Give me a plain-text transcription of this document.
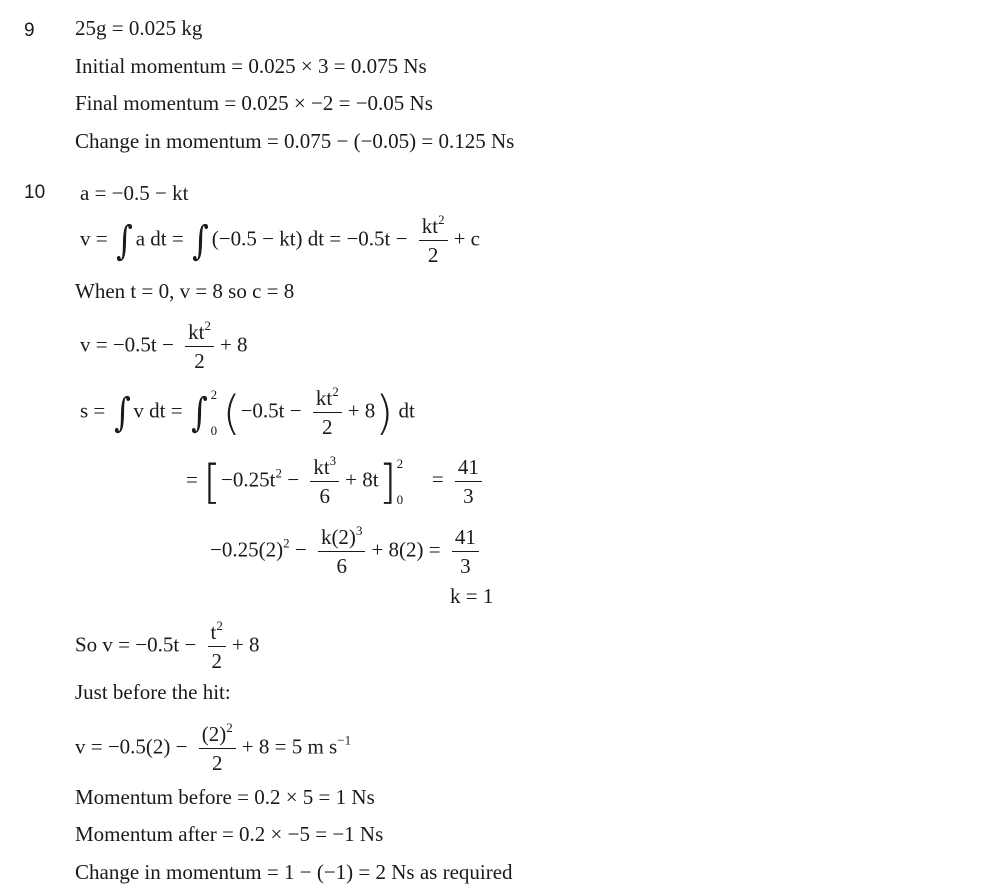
9 25g = 0.025 kg
Initial momentum = 0.025 × 3 = 0.075 Ns
Final momentum = 0.025 × −2 = −0.05 Ns
Change in momentum = 0.075 − (−0.05) = 0.125 Ns
10 a = −0.5 − kt
v = ∫ a dt = ∫ (−0.5 − kt) dt = $-0.5t - \frac{kt^2}{2} + c$
When t = 0, v = 8 so c = 8
$v = -0.5t - \frac{kt^2}{2} + 8$
s = ∫ v dt = ∫ 2
0 $(-0.5t - \frac{kt^2}{2} + 8)$ dt
= $[-0.25t^2 - \frac{kt^3}{6} + 8t]$ 2
0
= $\frac{41}{3}$
$-0.25(2)^2 - \frac{k(2)^3}{6} + 8(2) = \frac{41}{3}$
k = 1
So $v = -0.5t - \frac{t^2}{2} + 8$
Just before the hit:
$v = -0.5(2) - \frac{(2)^2}{2} + 8 = 5$ m $s^{-1}$
Momentum before = 0.2 × 5 = 1 Ns
Momentum after = 0.2 × −5 = −1 Ns
Change in momentum = 1 − (−1) = 2 Ns as required
